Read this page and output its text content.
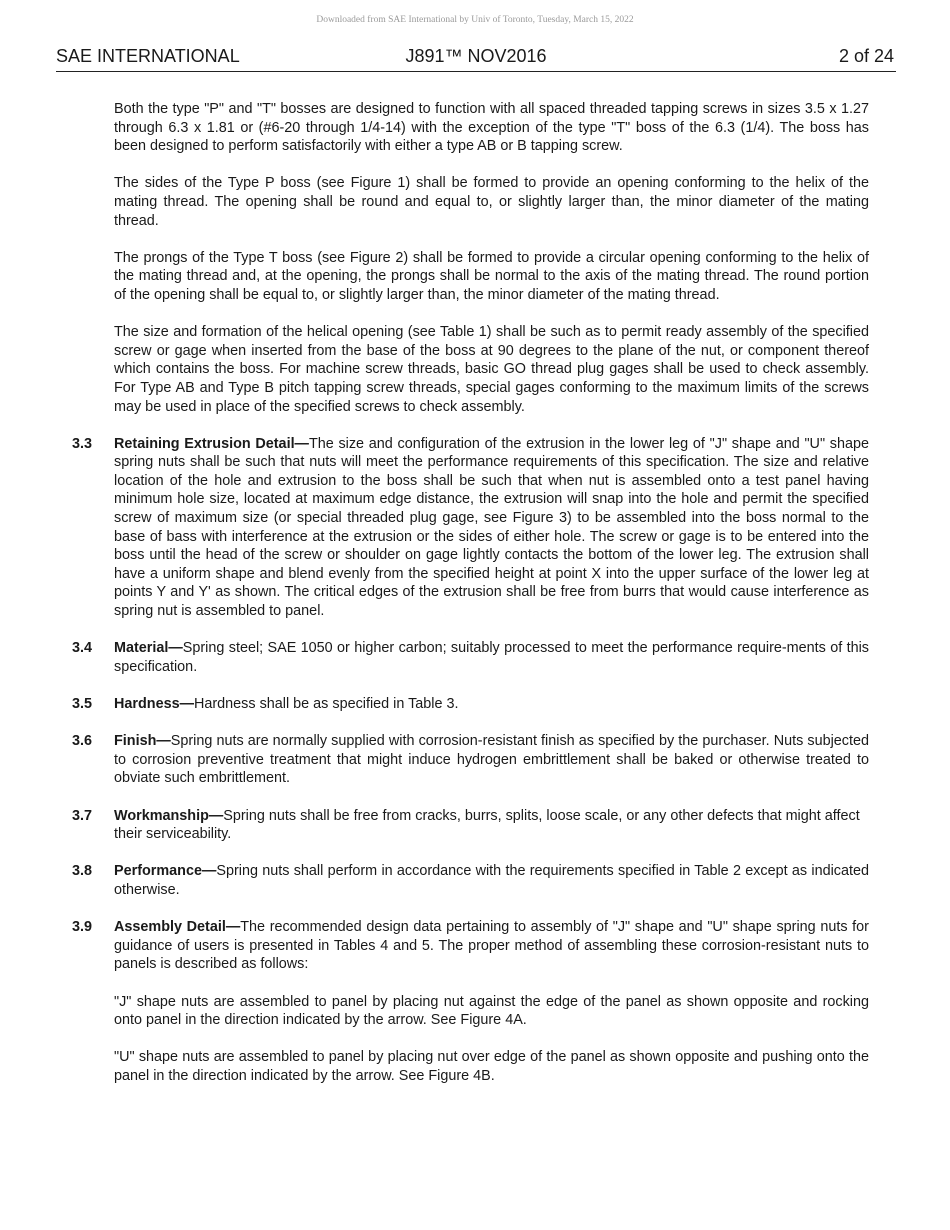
Downloaded from SAE International by Univ of Toronto, Tuesday, March 15, 2022
SAE INTERNATIONAL	J891™ NOV2016	2 of 24

Both the type "P" and "T" bosses are designed to function with all spaced threaded tapping screws in sizes 3.5 x 1.27 through 6.3 x 1.81 or (#6-20 through 1/4-14) with the exception of the type "T" boss of the 6.3 (1/4). The boss has been designed to perform satisfactorily with either a type AB or B tapping screw.

The sides of the Type P boss (see Figure 1) shall be formed to provide an opening conforming to the helix of the mating thread. The opening shall be round and equal to, or slightly larger than, the minor diameter of the mating thread.

The prongs of the Type T boss (see Figure 2) shall be formed to provide a circular opening conforming to the helix of the mating thread and, at the opening, the prongs shall be normal to the axis of the mating thread. The round portion of the opening shall be equal to, or slightly larger than, the minor diameter of the mating thread.

The size and formation of the helical opening (see Table 1) shall be such as to permit ready assembly of the specified screw or gage when inserted from the base of the boss at 90 degrees to the plane of the nut, or component thereof which contains the boss. For machine screw threads, basic GO thread plug gages shall be used to check assembly. For Type AB and Type B pitch tapping screw threads, special gages conforming to the maximum limits of the screws may be used in place of the specified screws to check assembly.

3.3 Retaining Extrusion Detail—The size and configuration of the extrusion in the lower leg of "J" shape and "U" shape spring nuts shall be such that nuts will meet the performance requirements of this specification. The size and relative location of the hole and extrusion to the boss shall be such that when nut is assembled onto a test panel having minimum hole size, located at maximum edge distance, the extrusion will snap into the hole and permit the specified screw of maximum size (or special threaded plug gage, see Figure 3) to be assembled into the boss normal to the base of bass with interference at the extrusion or the sides of either hole. The screw or gage is to be entered into the boss until the head of the screw or shoulder on gage lightly contacts the bottom of the lower leg. The extrusion shall have a uniform shape and blend evenly from the specified height at point X into the upper surface of the lower leg at points Y and Y' as shown. The critical edges of the extrusion shall be free from burrs that would cause interference as spring nut is assembled to panel.

3.4 Material—Spring steel; SAE 1050 or higher carbon; suitably processed to meet the performance require-ments of this specification.

3.5 Hardness—Hardness shall be as specified in Table 3.

3.6 Finish—Spring nuts are normally supplied with corrosion-resistant finish as specified by the purchaser. Nuts subjected to corrosion preventive treatment that might induce hydrogen embrittlement shall be baked or otherwise treated to obviate such embrittlement.

3.7 Workmanship—Spring nuts shall be free from cracks, burrs, splits, loose scale, or any other defects that might affect their serviceability.

3.8 Performance—Spring nuts shall perform in accordance with the requirements specified in Table 2 except as indicated otherwise.

3.9 Assembly Detail—The recommended design data pertaining to assembly of "J" shape and "U" shape spring nuts for guidance of users is presented in Tables 4 and 5. The proper method of assembling these corrosion-resistant nuts to panels is described as follows:

"J" shape nuts are assembled to panel by placing nut against the edge of the panel as shown opposite and rocking onto panel in the direction indicated by the arrow. See Figure 4A.

"U" shape nuts are assembled to panel by placing nut over edge of the panel as shown opposite and pushing onto the panel in the direction indicated by the arrow. See Figure 4B.
